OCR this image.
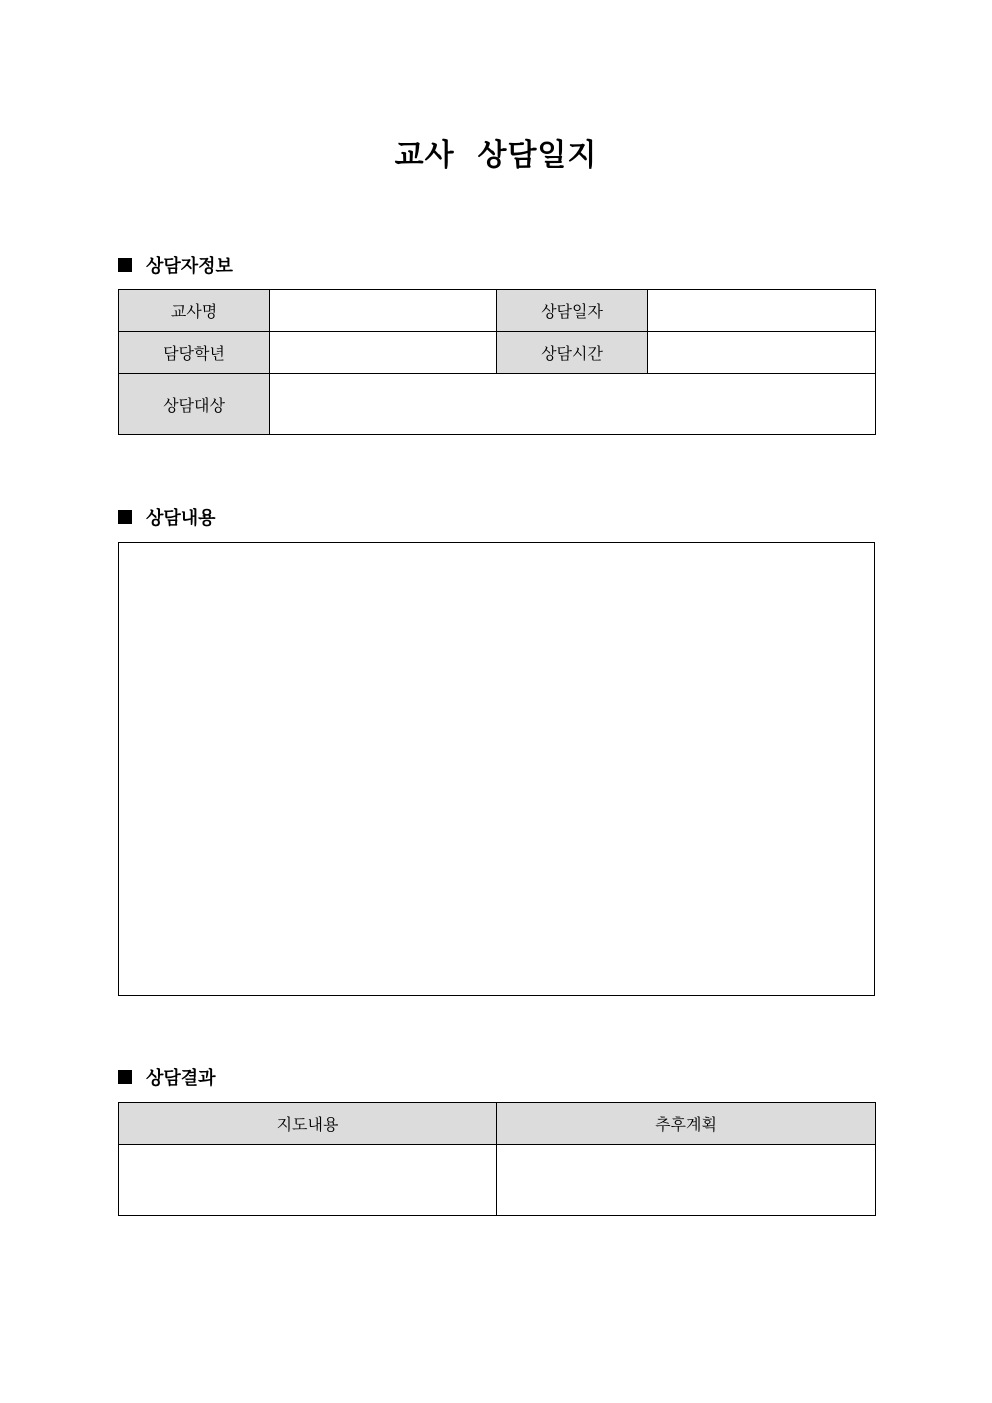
교사  상담일지
상담자정보
교사명		상담일자	
담당학년		상담시간	
상담대상			
상담내용
상담결과
지도내용	추후계획
